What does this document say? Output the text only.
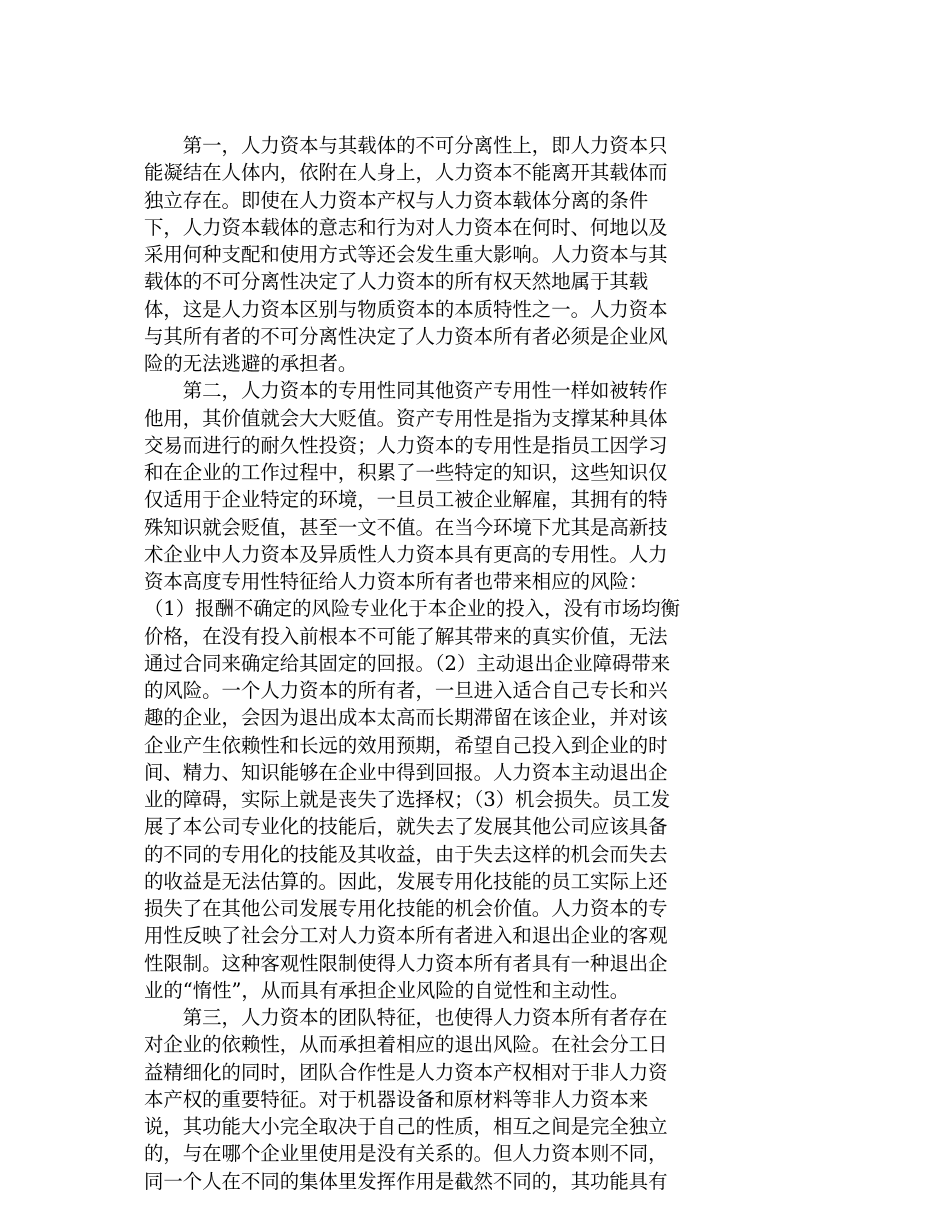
　　第一，人力资本与其载体的不可分离性上，即人力资本只
能凝结在人体内，依附在人身上，人力资本不能离开其载体而
独立存在。即使在人力资本产权与人力资本载体分离的条件
下，人力资本载体的意志和行为对人力资本在何时、何地以及
采用何种支配和使用方式等还会发生重大影响。人力资本与其
载体的不可分离性决定了人力资本的所有权天然地属于其载
体，这是人力资本区别与物质资本的本质特性之一。人力资本
与其所有者的不可分离性决定了人力资本所有者必须是企业风
险的无法逃避的承担者。
　　第二，人力资本的专用性同其他资产专用性一样如被转作
他用，其价值就会大大贬值。资产专用性是指为支撑某种具体
交易而进行的耐久性投资；人力资本的专用性是指员工因学习
和在企业的工作过程中，积累了一些特定的知识，这些知识仅
仅适用于企业特定的环境，一旦员工被企业解雇，其拥有的特
殊知识就会贬值，甚至一文不值。在当今环境下尤其是高新技
术企业中人力资本及异质性人力资本具有更高的专用性。人力
资本高度专用性特征给人力资本所有者也带来相应的风险：
（1）报酬不确定的风险专业化于本企业的投入，没有市场均衡
价格，在没有投入前根本不可能了解其带来的真实价值，无法
通过合同来确定给其固定的回报。（2）主动退出企业障碍带来
的风险。一个人力资本的所有者，一旦进入适合自己专长和兴
趣的企业，会因为退出成本太高而长期滞留在该企业，并对该
企业产生依赖性和长远的效用预期，希望自己投入到企业的时
间、精力、知识能够在企业中得到回报。人力资本主动退出企
业的障碍，实际上就是丧失了选择权；（3）机会损失。员工发
展了本公司专业化的技能后，就失去了发展其他公司应该具备
的不同的专用化的技能及其收益，由于失去这样的机会而失去
的收益是无法估算的。因此，发展专用化技能的员工实际上还
损失了在其他公司发展专用化技能的机会价值。人力资本的专
用性反映了社会分工对人力资本所有者进入和退出企业的客观
性限制。这种客观性限制使得人力资本所有者具有一种退出企
业的“惰性”，从而具有承担企业风险的自觉性和主动性。
　　第三，人力资本的团队特征，也使得人力资本所有者存在
对企业的依赖性，从而承担着相应的退出风险。在社会分工日
益精细化的同时，团队合作性是人力资本产权相对于非人力资
本产权的重要特征。对于机器设备和原材料等非人力资本来
说，其功能大小完全取决于自己的性质，相互之间是完全独立
的，与在哪个企业里使用是没有关系的。但人力资本则不同，
同一个人在不同的集体里发挥作用是截然不同的，其功能具有
